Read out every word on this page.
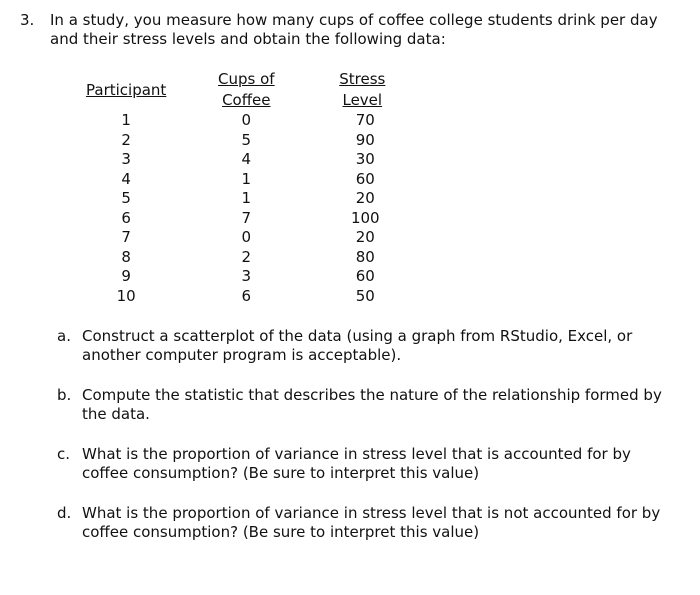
3. In a study, you measure how many cups of coffee college students drink per day and their stress levels and obtain the following data:
Participant	Cups of Coffee	Stress Level
1	0	70
2	5	90
3	4	30
4	1	60
5	1	20
6	7	100
7	0	20
8	2	80
9	3	60
10	6	50
a. Construct a scatterplot of the data (using a graph from RStudio, Excel, or another computer program is acceptable).
b. Compute the statistic that describes the nature of the relationship formed by the data.
c. What is the proportion of variance in stress level that is accounted for by coffee consumption? (Be sure to interpret this value)
d. What is the proportion of variance in stress level that is not accounted for by coffee consumption? (Be sure to interpret this value)
